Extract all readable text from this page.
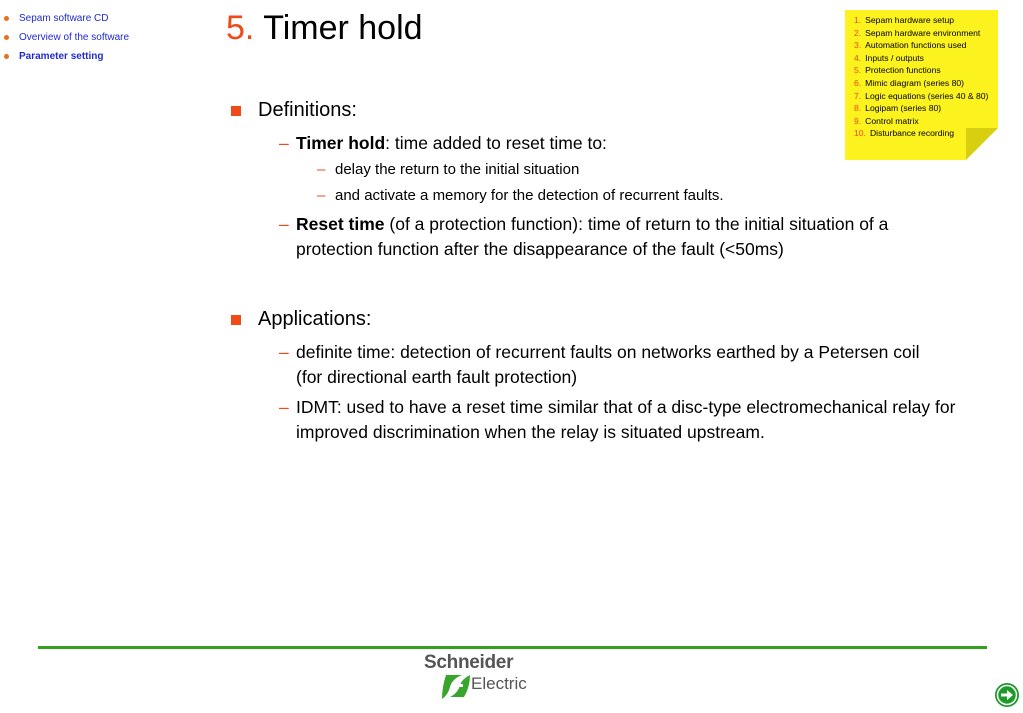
Sepam software CD
Overview of the software
Parameter setting
5. Timer hold	1. Sepam hardware setup
2. Sepam hardware environment
3. Automation functions used
4. Inputs / outputs
5. Protection functions
6. Mimic diagram (series 80)
7. Logic equations (series 40 & 80)
8. Logipam (series 80)
9. Control matrix
10. Disturbance recording
Definitions:
– Timer hold: time added to reset time to:
– delay the return to the initial situation
– and activate a memory for the detection of recurrent faults.
– Reset time (of a protection function): time of return to the initial situation of a protection function after the disappearance of the fault (<50ms)
Applications:
– definite time: detection of recurrent faults on networks earthed by a Petersen coil (for directional earth fault protection)
– IDMT: used to have a reset time similar that of a disc-type electromechanical relay for improved discrimination when the relay is situated upstream.
Schneider
Electric
